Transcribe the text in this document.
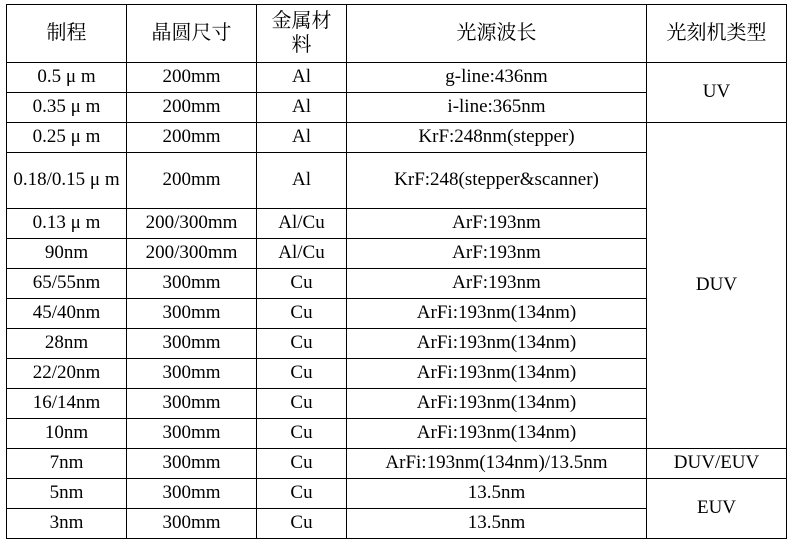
制程	晶圆尺寸	金属材料	光源波长	光刻机类型
0.5 μ m	200mm	Al	g-line:436nm	UV
0.35 μ m	200mm	Al	i-line:365nm	
0.25 μ m	200mm	Al	KrF:248nm(stepper)	DUV
0.18/0.15 μ m	200mm	Al	KrF:248(stepper&scanner)	
0.13 μ m	200/300mm	Al/Cu	ArF:193nm	
90nm	200/300mm	Al/Cu	ArF:193nm	
65/55nm	300mm	Cu	ArF:193nm	
45/40nm	300mm	Cu	ArFi:193nm(134nm)	
28nm	300mm	Cu	ArFi:193nm(134nm)	
22/20nm	300mm	Cu	ArFi:193nm(134nm)	
16/14nm	300mm	Cu	ArFi:193nm(134nm)	
10nm	300mm	Cu	ArFi:193nm(134nm)	
7nm	300mm	Cu	ArFi:193nm(134nm)/13.5nm	DUV/EUV
5nm	300mm	Cu	13.5nm	EUV
3nm	300mm	Cu	13.5nm	
